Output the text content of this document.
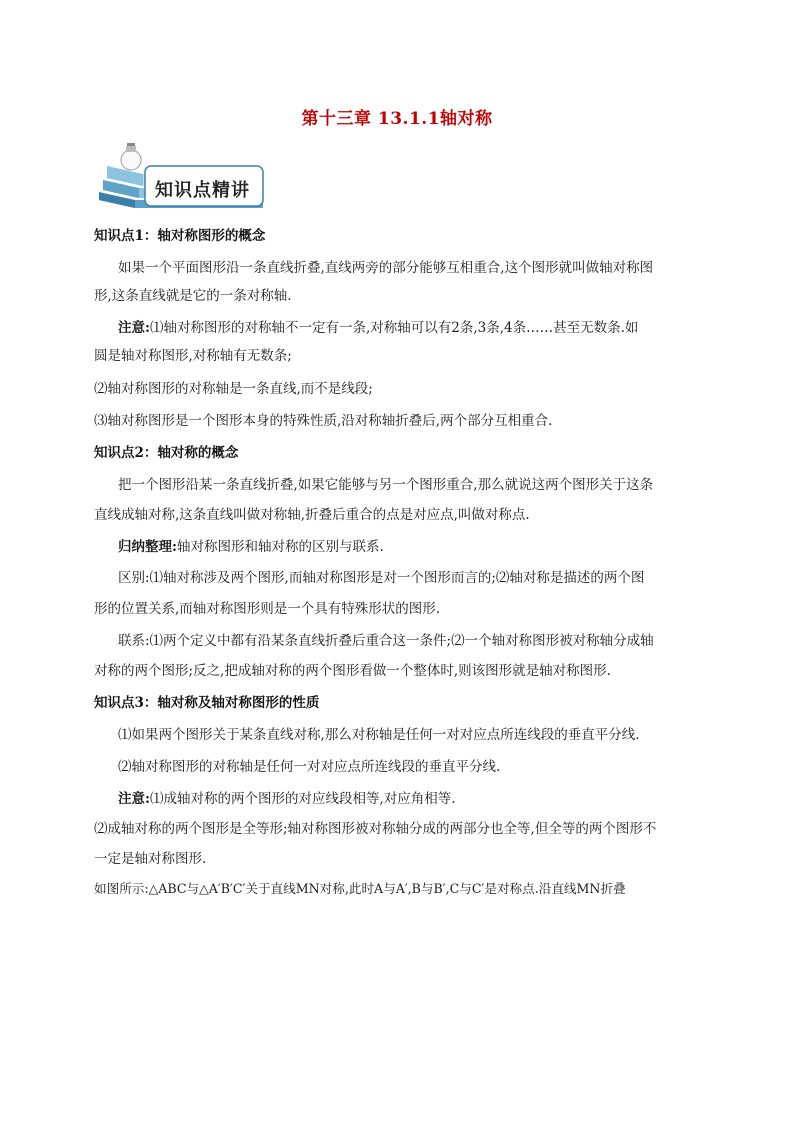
第十三章 13.1.1轴对称
知识点精讲
知识点1：轴对称图形的概念
如果一个平面图形沿一条直线折叠,直线两旁的部分能够互相重合,这个图形就叫做轴对称图
形,这条直线就是它的一条对称轴.
注意:⑴轴对称图形的对称轴不一定有一条,对称轴可以有2条,3条,4条……甚至无数条.如
圆是轴对称图形,对称轴有无数条;
⑵轴对称图形的对称轴是一条直线,而不是线段;
⑶轴对称图形是一个图形本身的特殊性质,沿对称轴折叠后,两个部分互相重合.
知识点2：轴对称的概念
把一个图形沿某一条直线折叠,如果它能够与另一个图形重合,那么就说这两个图形关于这条
直线成轴对称,这条直线叫做对称轴,折叠后重合的点是对应点,叫做对称点.
归纳整理:轴对称图形和轴对称的区别与联系.
区别:⑴轴对称涉及两个图形,而轴对称图形是对一个图形而言的;⑵轴对称是描述的两个图
形的位置关系,而轴对称图形则是一个具有特殊形状的图形.
联系:⑴两个定义中都有沿某条直线折叠后重合这一条件;⑵一个轴对称图形被对称轴分成轴
对称的两个图形;反之,把成轴对称的两个图形看做一个整体时,则该图形就是轴对称图形.
知识点3：轴对称及轴对称图形的性质
⑴如果两个图形关于某条直线对称,那么对称轴是任何一对对应点所连线段的垂直平分线.
⑵轴对称图形的对称轴是任何一对对应点所连线段的垂直平分线.
注意:⑴成轴对称的两个图形的对应线段相等,对应角相等.
⑵成轴对称的两个图形是全等形;轴对称图形被对称轴分成的两部分也全等,但全等的两个图形不
一定是轴对称图形.
如图所示:△ABC与△A′B′C′关于直线MN对称,此时A与A′,B与B′,C与C′是对称点.沿直线MN折叠
